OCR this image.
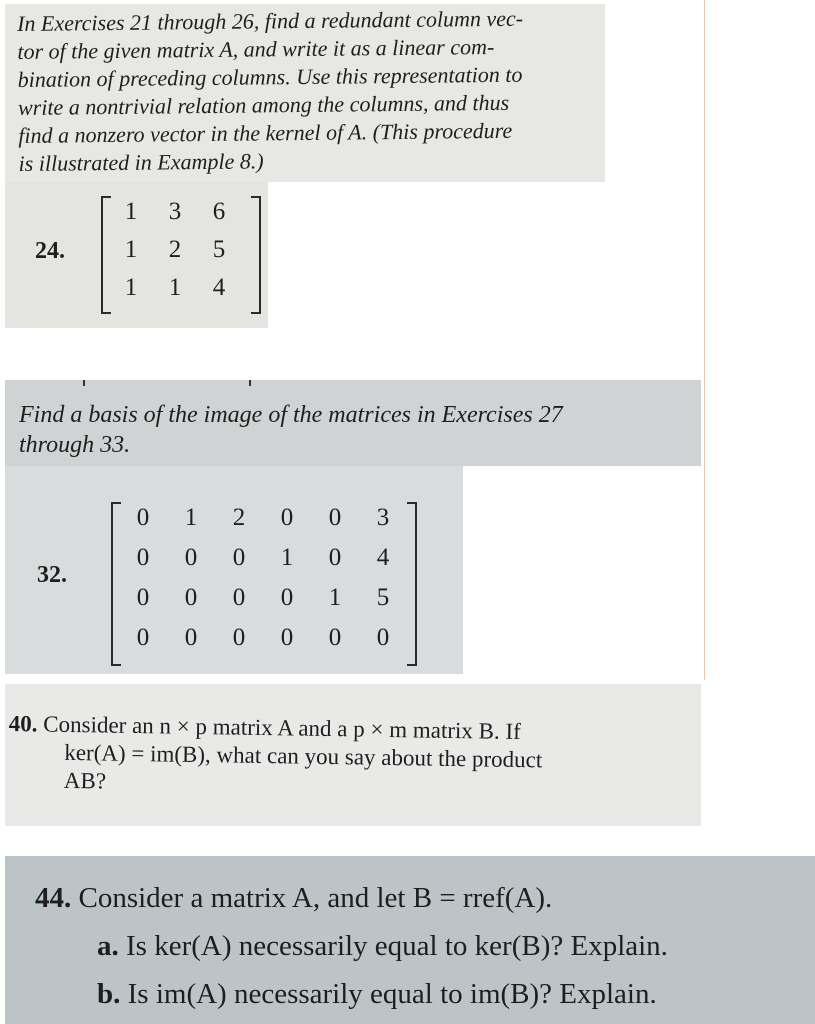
In Exercises 21 through 26, find a redundant column vec-
tor of the given matrix A, and write it as a linear com-
bination of preceding columns. Use this representation to
write a nontrivial relation among the columns, and thus
find a nonzero vector in the kernel of A. (This procedure
is illustrated in Example 8.)

24.
1	3	6
1	2	5
1	1	4

Find a basis of the image of the matrices in Exercises 27
through 33.

32.
0	1	2	0	0	3
0	0	0	1	0	4
0	0	0	0	1	5
0	0	0	0	0	0

40. Consider an n × p matrix A and a p × m matrix B. If
ker(A) = im(B), what can you say about the product
AB?

44. Consider a matrix A, and let B = rref(A).

a. Is ker(A) necessarily equal to ker(B)? Explain.

b. Is im(A) necessarily equal to im(B)? Explain.
